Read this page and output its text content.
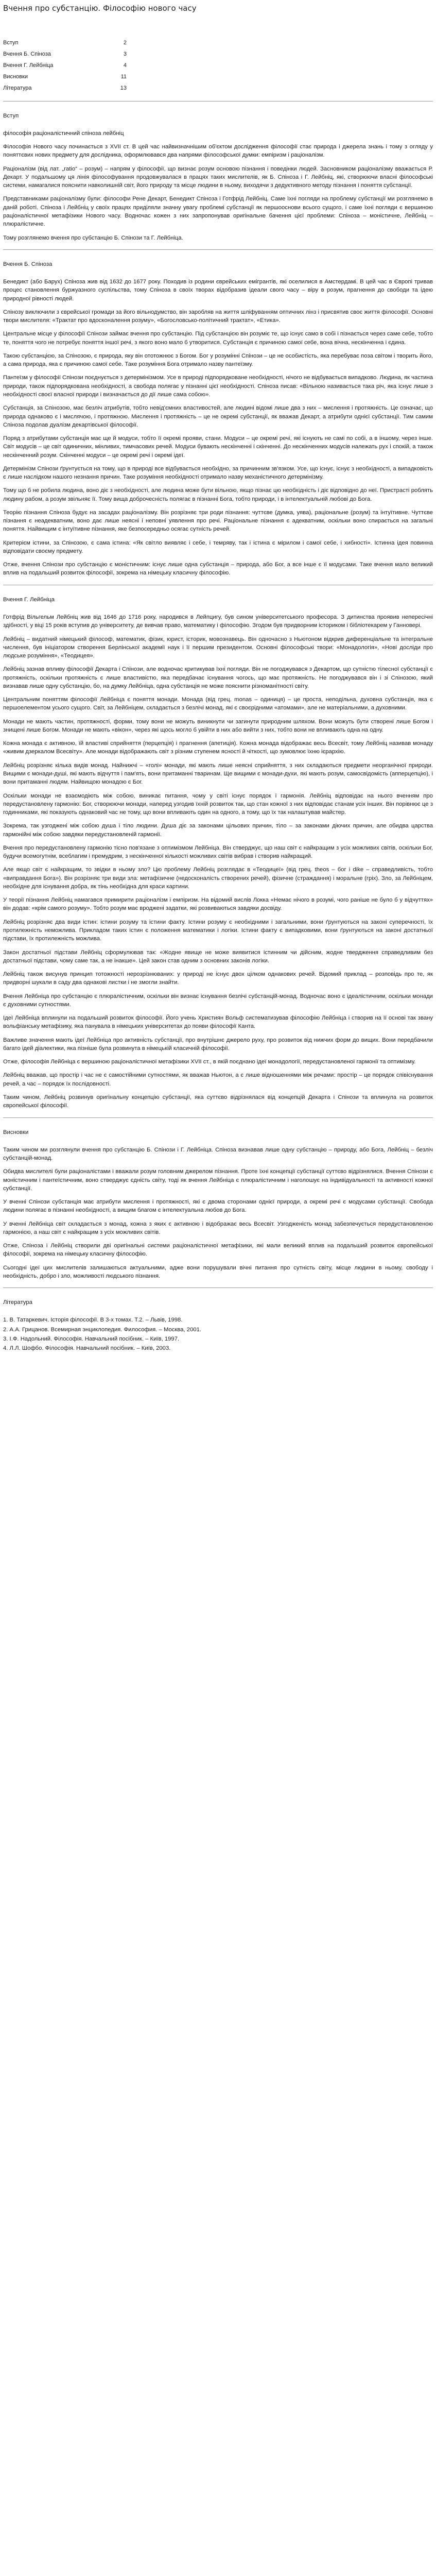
Вчення про субстанцію. Філософію нового часу
Вступ	2
Вчення Б. Спіноза	3
Вчення Г. Лейбніца	4
Висновки	11
Література	13
Вступ

філософія раціоналістичний спіноза лейбніц

Філософія Нового часу починається з XVII ст. В цей час найвизначнішим об'єктом дослідження філософії стає природа і джерела знань і тому з огляду у поняттєвих нових предмету для дослідника, оформлювався два напрями філософської думки: емпіризм і раціоналізм.

Раціоналізм (від лат. „ratio“ – розум) – напрям у філософії, що визнає розум основою пізнання і поведінки людей. Засновником раціоналізму вважається Р. Декарт. У подальшому ця лінія філософування продовжувалася в працях таких мислителів, як Б. Спіноза і Г. Лейбніц, які, створюючи власні філософські системи, намагалися пояснити навколишній світ, його природу та місце людини в ньому, виходячи з дедуктивного методу пізнання і поняття субстанції.

Представниками раціоналізму були: філософи Рене Декарт, Бенедикт Спіноза і Готфрід Лейбніц. Саме їхні погляди на проблему субстанції ми розглянемо в даній роботі. Спіноза і Лейбніц у своїх працях приділяли значну увагу проблемі субстанції як першооснови всього сущого, і саме їхні погляди є вершиною раціоналістичної метафізики Нового часу. Водночас кожен з них запропонував оригінальне бачення цієї проблеми: Спіноза – моністичне, Лейбніц – плюралістичне.

Тому розглянемо вчення про субстанцію Б. Спінози та Г. Лейбніца.

Вчення Б. Спіноза

Бенедикт (або Барух) Спіноза жив від 1632 до 1677 року. Походив із родини єврейських емігрантів, які оселилися в Амстердамі. В цей час в Європі тривав процес становлення буржуазного суспільства, тому Спіноза в своїх творах відобразив ідеали свого часу – віру в розум, прагнення до свободи та ідею природної рівності людей.

Спінозу виключили з єврейської громади за його вільнодумство, він заробляв на життя шліфуванням оптичних лінз і присвятив своє життя філософії. Основні твори мислителя: «Трактат про вдосконалення розуму», «Богословсько-політичний трактат», «Етика».

Центральне місце у філософії Спінози займає вчення про субстанцію. Під субстанцією він розуміє те, що існує само в собі і пізнається через саме себе, тобто те, поняття чого не потребує поняття іншої речі, з якого воно мало б утворитися. Субстанція є причиною самої себе, вона вічна, нескінченна і єдина.

Такою субстанцією, за Спінозою, є природа, яку він ототожнює з Богом. Бог у розумінні Спінози – це не особистість, яка перебуває поза світом і творить його, а сама природа, яка є причиною самої себе. Таке розуміння Бога отримало назву пантеїзму.

Пантеїзм у філософії Спінози поєднується з детермінізмом. Усе в природі підпорядковане необхідності, нічого не відбувається випадково. Людина, як частина природи, також підпорядкована необхідності, а свобода полягає у пізнанні цієї необхідності. Спіноза писав: «Вільною називається така річ, яка існує лише з необхідності своєї власної природи і визначається до дії лише сама собою».

Субстанція, за Спінозою, має безліч атрибутів, тобто невід'ємних властивостей, але людині відомі лише два з них – мислення і протяжність. Це означає, що природа однаково є і мислячою, і протяжною. Мислення і протяжність – це не окремі субстанції, як вважав Декарт, а атрибути однієї субстанції. Тим самим Спіноза подолав дуалізм декартівської філософії.

Поряд з атрибутами субстанція має ще й модуси, тобто її окремі прояви, стани. Модуси – це окремі речі, які існують не самі по собі, а в іншому, через інше. Світ модусів – це світ одиничних, мінливих, тимчасових речей. Модуси бувають нескінченні і скінченні. До нескінченних модусів належать рух і спокій, а також нескінченний розум. Скінченні модуси – це окремі речі і окремі ідеї.

Детермінізм Спінози ґрунтується на тому, що в природі все відбувається необхідно, за причинним зв'язком. Усе, що існує, існує з необхідності, а випадковість є лише наслідком нашого незнання причин. Таке розуміння необхідності отримало назву механістичного детермінізму.

Тому що б не робила людина, воно діє з необхідності, але людина може бути вільною, якщо пізнає цю необхідність і діє відповідно до неї. Пристрасті роблять людину рабом, а розум звільняє її. Тому вища доброчесність полягає в пізнанні Бога, тобто природи, і в інтелектуальній любові до Бога.

Теорію пізнання Спіноза будує на засадах раціоналізму. Він розрізняє три роди пізнання: чуттєве (думка, уява), раціональне (розум) та інтуїтивне. Чуттєве пізнання є неадекватним, воно дає лише неясні і неповні уявлення про речі. Раціональне пізнання є адекватним, оскільки воно спирається на загальні поняття. Найвищим є інтуїтивне пізнання, яке безпосередньо осягає сутність речей.

Критерієм істини, за Спінозою, є сама істина: «Як світло виявляє і себе, і темряву, так і істина є мірилом і самої себе, і хибності». Істинна ідея повинна відповідати своєму предмету.

Отже, вчення Спінози про субстанцію є моністичним: існує лише одна субстанція – природа, або Бог, а все інше є її модусами. Таке вчення мало великий вплив на подальший розвиток філософії, зокрема на німецьку класичну філософію.

Вчення Г. Лейбніца

Готфрід Вільгельм Лейбніц жив від 1646 до 1716 року, народився в Лейпцигу, був сином університетського професора. З дитинства проявив непересічні здібності, у віці 15 років вступив до університету, де вивчав право, математику і філософію. Згодом був придворним істориком і бібліотекарем у Ганновері.

Лейбніц – видатний німецький філософ, математик, фізик, юрист, історик, мовознавець. Він одночасно з Ньютоном відкрив диференціальне та інтегральне числення, був ініціатором створення Берлінської академії наук і її першим президентом. Основні філософські твори: «Монадологія», «Нові досліди про людське розуміння», «Теодицея».

Лейбніц зазнав впливу філософії Декарта і Спінози, але водночас критикував їхні погляди. Він не погоджувався з Декартом, що сутністю тілесної субстанції є протяжність, оскільки протяжність є лише властивістю, яка передбачає існування чогось, що має протяжність. Не погоджувався він і зі Спінозою, який визнавав лише одну субстанцію, бо, на думку Лейбніца, одна субстанція не може пояснити різноманітності світу.

Центральним поняттям філософії Лейбніца є поняття монади. Монада (від грец. monas – одиниця) – це проста, неподільна, духовна субстанція, яка є першоелементом усього сущого. Світ, за Лейбніцем, складається з безлічі монад, які є своєрідними «атомами», але не матеріальними, а духовними.

Монади не мають частин, протяжності, форми, тому вони не можуть виникнути чи загинути природним шляхом. Вони можуть бути створені лише Богом і знищені лише Богом. Монади не мають «вікон», через які щось могло б увійти в них або вийти з них, тобто вони не впливають одна на одну.

Кожна монада є активною, їй властиві сприйняття (перцепція) і прагнення (апетиція). Кожна монада відображає весь Всесвіт, тому Лейбніц називав монаду «живим дзеркалом Всесвіту». Але монади відображають світ з різним ступенем ясності й чіткості, що зумовлює їхню ієрархію.

Лейбніц розрізняє кілька видів монад. Найнижчі – «голі» монади, які мають лише неясні сприйняття, з них складаються предмети неорганічної природи. Вищими є монади-душі, які мають відчуття і пам'ять, вони притаманні тваринам. Ще вищими є монади-духи, які мають розум, самосвідомість (апперцепцію), і вони притаманні людям. Найвищою монадою є Бог.

Оскільки монади не взаємодіють між собою, виникає питання, чому у світі існує порядок і гармонія. Лейбніц відповідає на нього вченням про передустановлену гармонію: Бог, створюючи монади, наперед узгодив їхній розвиток так, що стан кожної з них відповідає станам усіх інших. Він порівнює це з годинниками, які показують однаковий час не тому, що вони впливають один на одного, а тому, що їх так налаштував майстер.

Зокрема, так узгоджені між собою душа і тіло людини. Душа діє за законами цільових причин, тіло – за законами діючих причин, але обидва царства гармонійні між собою завдяки передустановленій гармонії.

Вчення про передустановлену гармонію тісно пов'язане з оптимізмом Лейбніца. Він стверджує, що наш світ є найкращим з усіх можливих світів, оскільки Бог, будучи всемогутнім, всеблагим і премудрим, з нескінченної кількості можливих світів вибрав і створив найкращий.

Але якщо світ є найкращим, то звідки в ньому зло? Цю проблему Лейбніц розглядає в «Теодицеї» (від грец. theos – бог і dike – справедливість, тобто «виправдання Бога»). Він розрізняє три види зла: метафізичне (недосконалість створених речей), фізичне (страждання) і моральне (гріх). Зло, за Лейбніцем, необхідне для існування добра, як тінь необхідна для краси картини.

У теорії пізнання Лейбніц намагався примирити раціоналізм і емпіризм. На відомий вислів Локка «Немає нічого в розумі, чого раніше не було б у відчуттях» він додав: «крім самого розуму». Тобто розум має вроджені задатки, які розвиваються завдяки досвіду.

Лейбніц розрізняє два види істин: істини розуму та істини факту. Істини розуму є необхідними і загальними, вони ґрунтуються на законі суперечності, їх протилежність неможлива. Прикладом таких істин є положення математики і логіки. Істини факту є випадковими, вони ґрунтуються на законі достатньої підстави, їх протилежність можлива.

Закон достатньої підстави Лейбніц сформулював так: «Жодне явище не може виявитися істинним чи дійсним, жодне твердження справедливим без достатньої підстави, чому саме так, а не інакше». Цей закон став одним з основних законів логіки.

Лейбніц також висунув принцип тотожності нерозрізнюваних: у природі не існує двох цілком однакових речей. Відомий приклад – розповідь про те, як придворні шукали в саду два однакові листки і не змогли знайти.

Вчення Лейбніца про субстанцію є плюралістичним, оскільки він визнає існування безлічі субстанцій-монад. Водночас воно є ідеалістичним, оскільки монади є духовними сутностями.

Ідеї Лейбніца вплинули на подальший розвиток філософії. Його учень Християн Вольф систематизував філософію Лейбніца і створив на її основі так звану вольфіанську метафізику, яка панувала в німецьких університетах до появи філософії Канта.

Важливе значення мають ідеї Лейбніца про активність субстанції, про внутрішнє джерело руху, про розвиток від нижчих форм до вищих. Вони передбачили багато ідей діалектики, яка пізніше була розвинута в німецькій класичній філософії.

Отже, філософія Лейбніца є вершиною раціоналістичної метафізики XVII ст., в якій поєднано ідеї монадології, передустановленої гармонії та оптимізму.

Лейбніц вважав, що простір і час не є самостійними сутностями, як вважав Ньютон, а є лише відношеннями між речами: простір – це порядок співіснування речей, а час – порядок їх послідовності.

Таким чином, Лейбніц розвинув оригінальну концепцію субстанції, яка суттєво відрізнялася від концепцій Декарта і Спінози та вплинула на розвиток європейської філософії.

Висновки

Таким чином ми розглянули вчення про субстанцію Б. Спінози і Г. Лейбніца. Спіноза визнавав лише одну субстанцію – природу, або Бога, Лейбніц – безліч субстанцій-монад.

Обидва мислителі були раціоналістами і вважали розум головним джерелом пізнання. Проте їхні концепції субстанції суттєво відрізнялися. Вчення Спінози є моністичним і пантеїстичним, воно стверджує єдність світу, тоді як вчення Лейбніца є плюралістичним і наголошує на індивідуальності та активності кожної субстанції.

У вченні Спінози субстанція має атрибути мислення і протяжності, які є двома сторонами однієї природи, а окремі речі є модусами субстанції. Свобода людини полягає в пізнанні необхідності, а вищим благом є інтелектуальна любов до Бога.

У вченні Лейбніца світ складається з монад, кожна з яких є активною і відображає весь Всесвіт. Узгодженість монад забезпечується передустановленою гармонією, а наш світ є найкращим з усіх можливих світів.

Отже, Спіноза і Лейбніц створили дві оригінальні системи раціоналістичної метафізики, які мали великий вплив на подальший розвиток європейської філософії, зокрема на німецьку класичну філософію.

Сьогодні ідеї цих мислителів залишаються актуальними, адже вони порушували вічні питання про сутність світу, місце людини в ньому, свободу і необхідність, добро і зло, можливості людського пізнання.

Література

1. В. Татаркевич. Історія філософії. В 3-х томах. Т.2. – Львів, 1998.

2. А.А. Грицанов. Всемирная энциклопедия. Философия. – Москва, 2001.

3. І.Ф. Надольний. Філософія. Навчальний посібник. – Київ, 1997.

4. Л.Л. Шофбо. Філософія. Навчальний посібник. – Київ, 2003.
